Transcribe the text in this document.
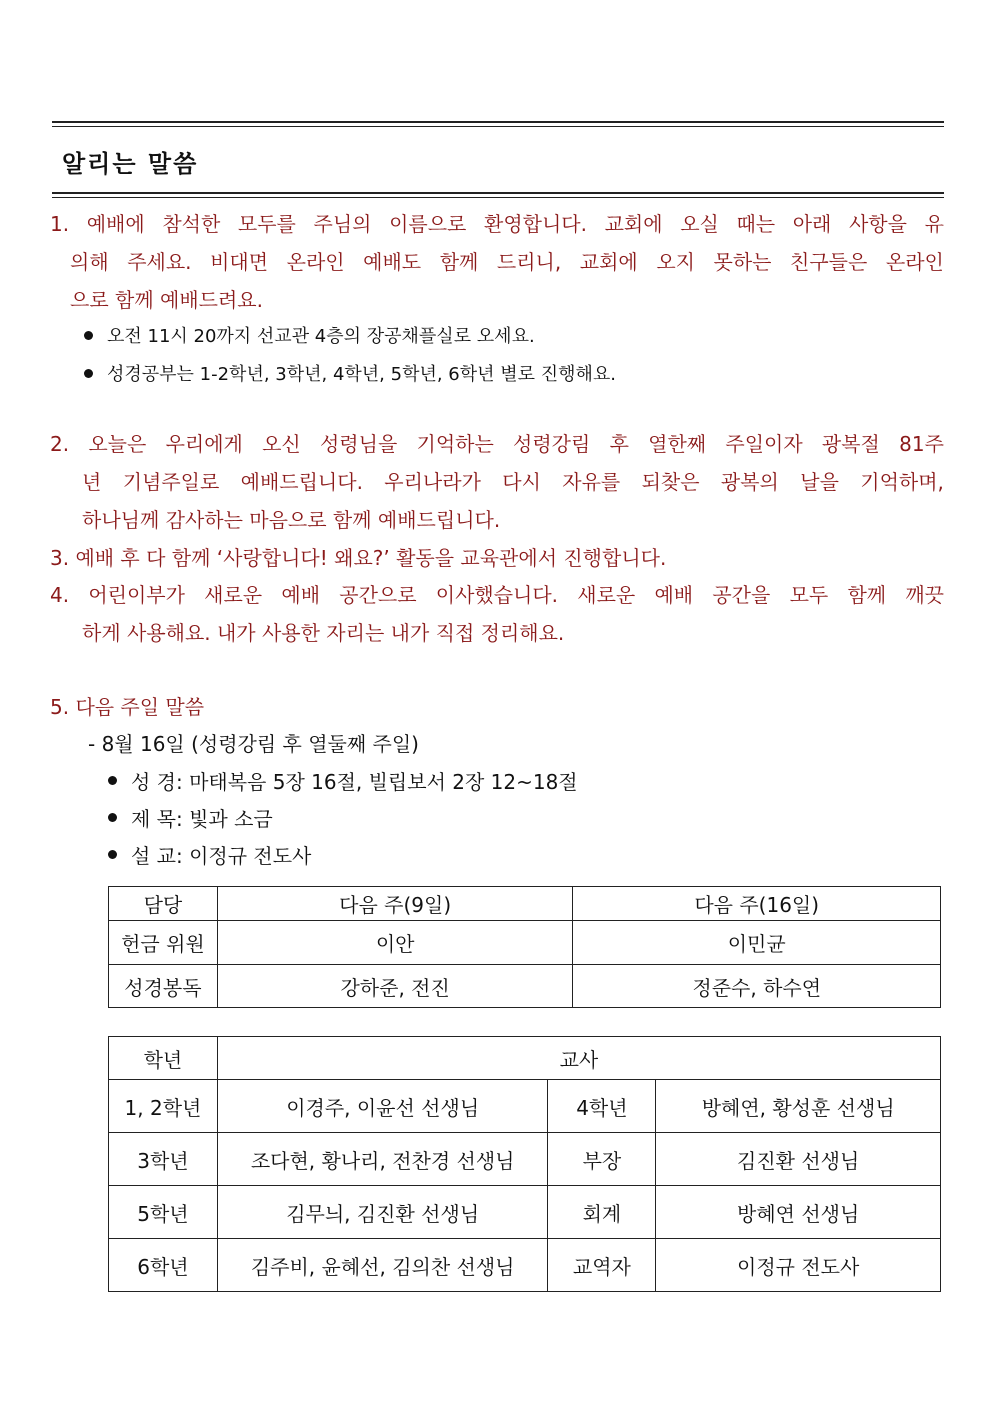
알리는 말씀
1. 예배에 참석한 모두를 주님의 이름으로 환영합니다. 교회에 오실 때는 아래 사항을 유
의해 주세요. 비대면 온라인 예배도 함께 드리니, 교회에 오지 못하는 친구들은 온라인
으로 함께 예배드려요.
오전 11시 20까지 선교관 4층의 장공채플실로 오세요.
성경공부는 1-2학년, 3학년, 4학년, 5학년, 6학년 별로 진행해요.
2. 오늘은 우리에게 오신 성령님을 기억하는 성령강림 후 열한째 주일이자 광복절 81주
년 기념주일로 예배드립니다. 우리나라가 다시 자유를 되찾은 광복의 날을 기억하며,
하나님께 감사하는 마음으로 함께 예배드립니다.
3. 예배 후 다 함께 ‘사랑합니다! 왜요?’ 활동을 교육관에서 진행합니다.
4. 어린이부가 새로운 예배 공간으로 이사했습니다. 새로운 예배 공간을 모두 함께 깨끗
하게 사용해요. 내가 사용한 자리는 내가 직접 정리해요.
5. 다음 주일 말씀
- 8월 16일 (성령강림 후 열둘째 주일)
성 경: 마태복음 5장 16절, 빌립보서 2장 12~18절
제 목: 빛과 소금
설 교: 이정규 전도사
담당	다음 주(9일)	다음 주(16일)
헌금 위원	이안	이민균
성경봉독	강하준, 전진	정준수, 하수연
학년	교사		
1, 2학년	이경주, 이윤선 선생님	4학년	방혜연, 황성훈 선생님
3학년	조다현, 황나리, 전찬경 선생님	부장	김진환 선생님
5학년	김무늬, 김진환 선생님	회계	방혜연 선생님
6학년	김주비, 윤혜선, 김의찬 선생님	교역자	이정규 전도사
